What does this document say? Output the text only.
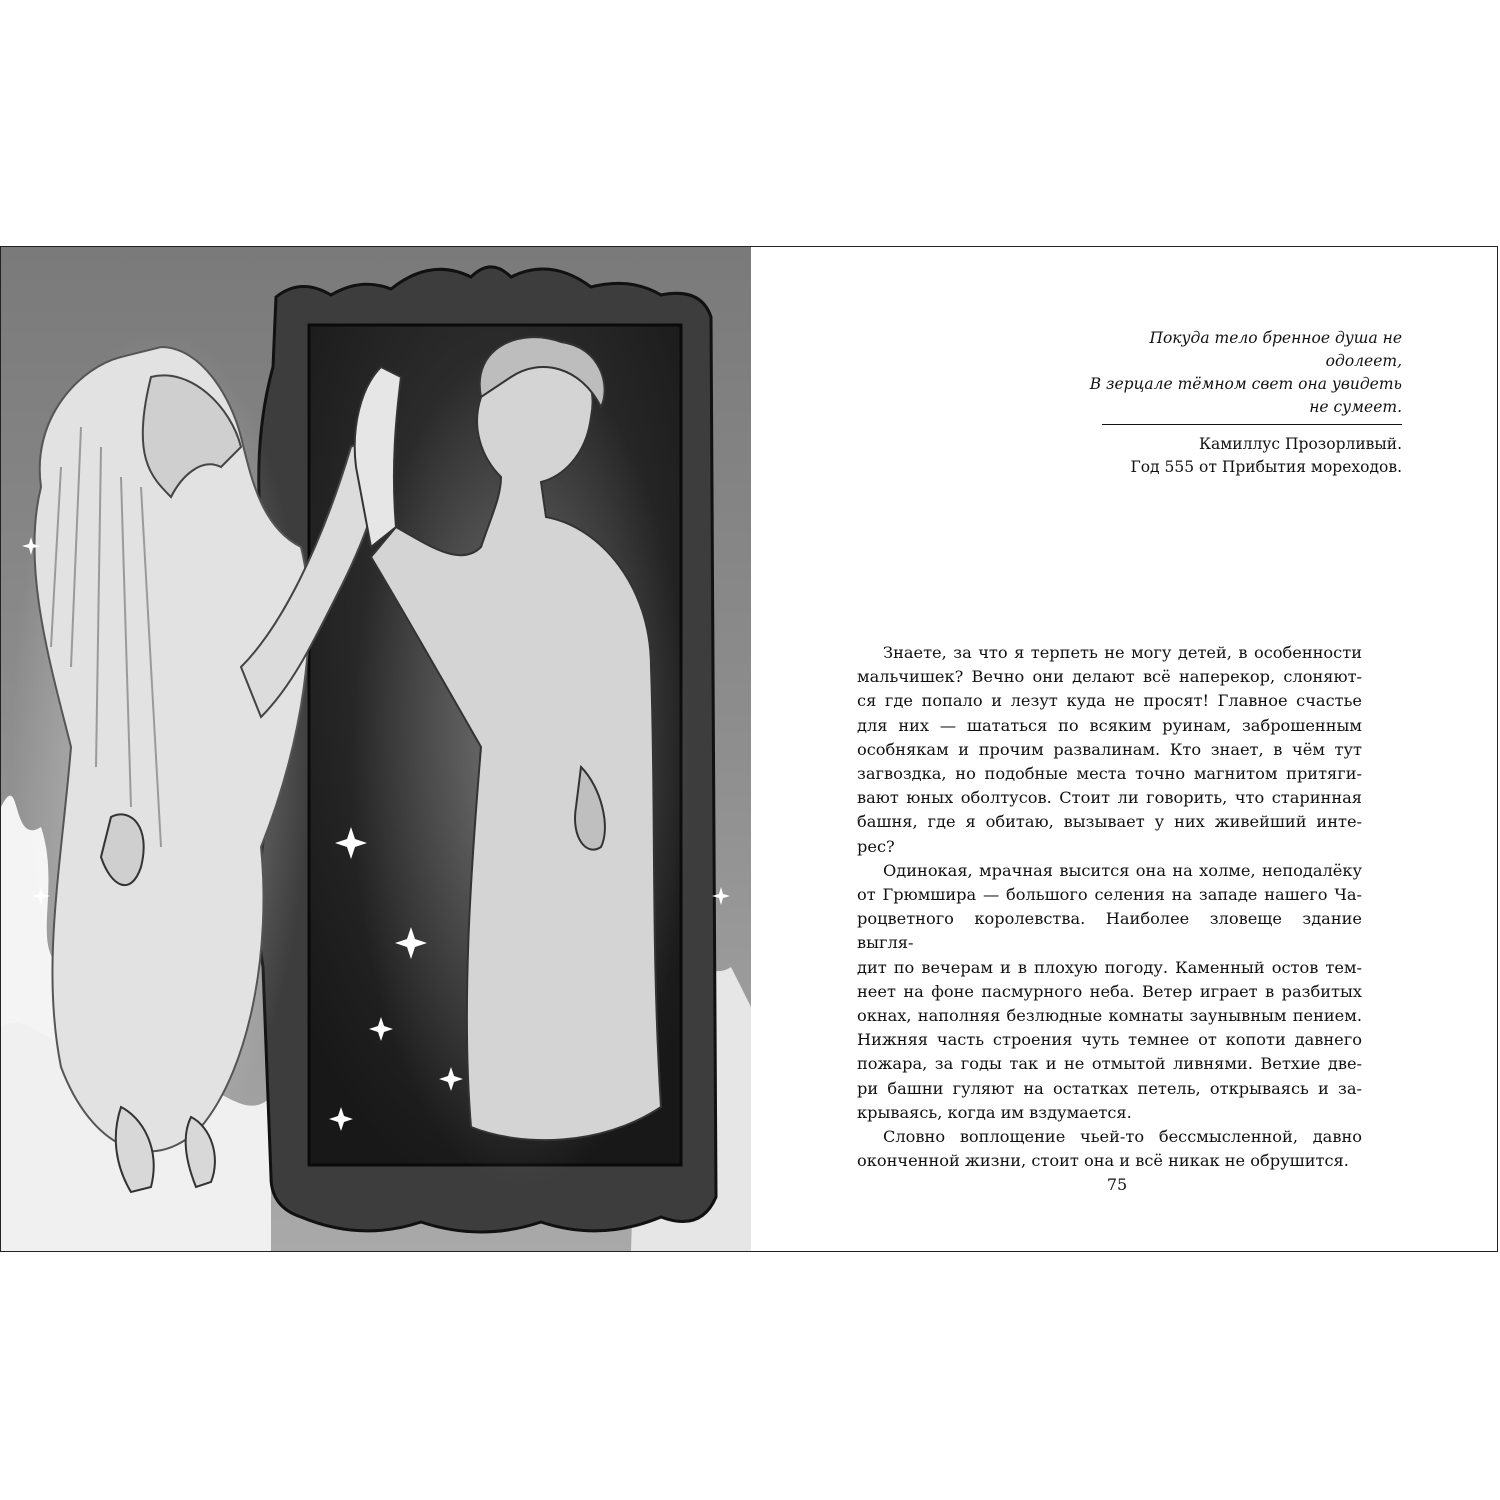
Покуда тело бренное душа не
одолеет,
В зерцале тёмном свет она увидеть
не сумеет.
Камиллус Прозорливый.
Год 555 от Прибытия мореходов.

Знаете, за что я терпеть не могу детей, в особенности
мальчишек? Вечно они делают всё наперекор, слоняют-
ся где попало и лезут куда не просят! Главное счастье
для них — шататься по всяким руинам, заброшенным
особнякам и прочим развалинам. Кто знает, в чём тут
загвоздка, но подобные места точно магнитом притяги-
вают юных оболтусов. Стоит ли говорить, что старинная
башня, где я обитаю, вызывает у них живейший инте-
рес?

Одинокая, мрачная высится она на холме, неподалёку
от Грюмшира — большого селения на западе нашего Ча-
роцветного королевства. Наиболее зловеще здание выгля-
дит по вечерам и в плохую погоду. Каменный остов тем-
неет на фоне пасмурного неба. Ветер играет в разбитых
окнах, наполняя безлюдные комнаты заунывным пением.
Нижняя часть строения чуть темнее от копоти давнего
пожара, за годы так и не отмытой ливнями. Ветхие две-
ри башни гуляют на остатках петель, открываясь и за-
крываясь, когда им вздумается.

Словно воплощение чьей-то бессмысленной, давно
оконченной жизни, стоит она и всё никак не обрушится.

75
